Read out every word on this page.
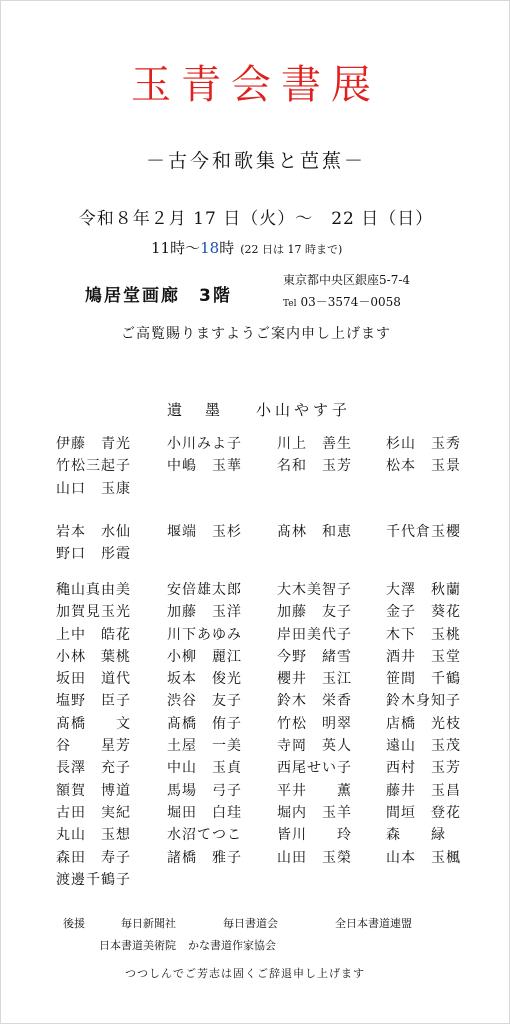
玉青会書展
－古今和歌集と芭蕉－
令和８年２月 17 日（火）〜　22 日（日）
11時〜18時 (22 日は 17 時まで)
鳩居堂画廊　3階
東京都中央区銀座5-7-4
Tel 03－3574－0058
ご高覧賜りますようご案内申し上げます
遺　墨 小山やす子
伊藤　青光	小川みよ子	川上　善生 杉山　玉秀
竹松三起子	中嶋　玉華	名和　玉芳 松本　玉景
山口　玉康
岩本　水仙	堰端　玉杉	髙林　和恵 千代倉玉櫻
野口　彤霞
穐山真由美	安倍雄太郎	大木美智子 大澤　秋蘭
加賀見玉光	加藤　玉洋	加藤　友子 金子　葵花
上中　皓花	川下あゆみ	岸田美代子 木下　玉桃
小林　葉桃	小柳　麗江	今野　緒雪 酒井　玉堂
坂田　道代	坂本　俊光	櫻井　玉江 笹間　千鶴
塩野　臣子	渋谷　友子	鈴木　栄香 鈴木身知子
髙橋　　文	髙橋　侑子	竹松　明翠 店橋　光枝
谷　　星芳	土屋　一美	寺岡　英人 遠山　玉茂
長澤　充子	中山　玉貞	西尾せい子 西村　玉芳
額賀　博道	馬場　弓子	平井　　薫 藤井　玉昌
古田　実紀	堀田　白珪	堀内　玉羊 間垣　登花
丸山　玉想	水沼てつこ	皆川　　玲 森　　緑
森田　寿子	諸橋　雅子	山田　玉榮 山本　玉楓
渡邊千鶴子
後援	毎日新聞社	毎日書道会	全日本書道連盟
日本書道美術院 かな書道作家協会
つつしんでご芳志は固くご辞退申し上げます
